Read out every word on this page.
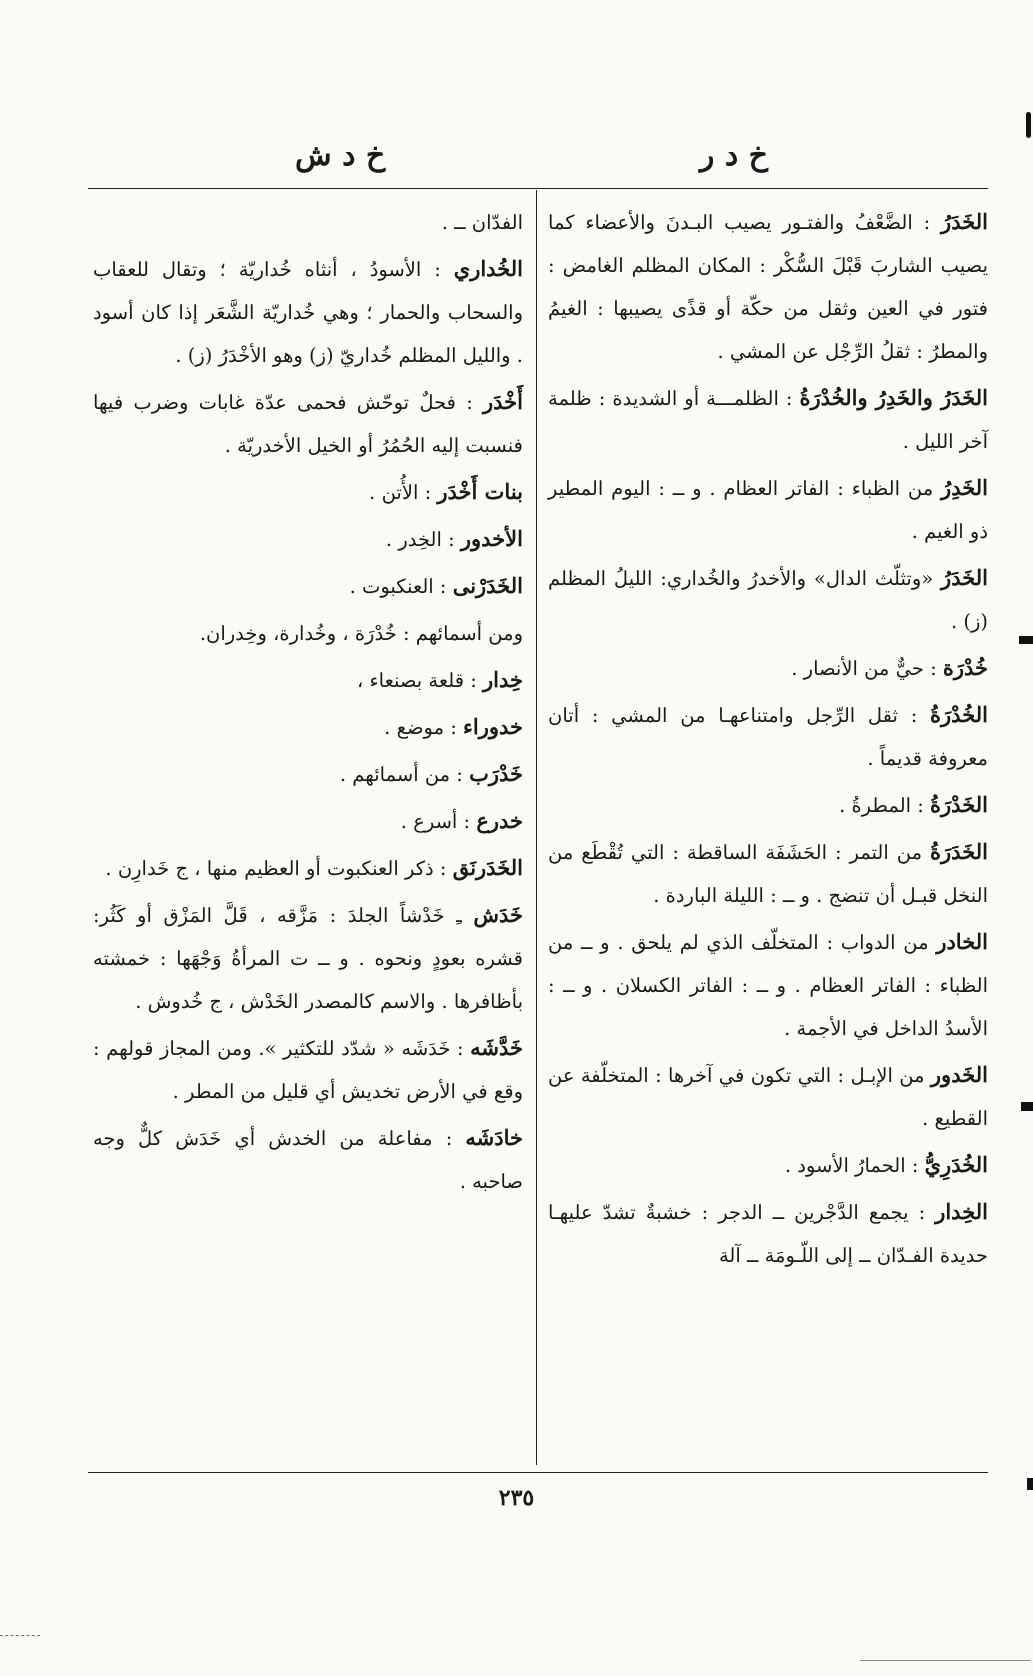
خ د ر
خ د ش
الخَدَرُ : الضَّعْفُ والفتـور يصيب البـدنَ والأعضاء كما يصيب الشاربَ قَبْلَ السُّكْر : المكان المظلم الغامض : فتور في العين وثقل من حكّة أو قذًى يصيبها : الغيمُ والمطرُ : ثقلُ الرِّجْل عن المشي .
الخَدَرُ والخَدِرُ والخُدْرَةُ : الظلمـــة أو الشديدة : ظلمة آخر الليل .
الخَدِرُ من الظباء : الفاتر العظام . و ــ : اليوم المطير ذو الغيم .
الخَدَرُ «وتثلّث الدال» والأخدرُ والخُداري: الليلُ المظلم (ز) .
خُدْرَة : حيٌّ من الأنصار .
الخُدْرَةُ : ثقل الرِّجل وامتناعهـا من المشي : أتان معروفة قديماً .
الخَدْرَةُ : المطرةُ .
الخَدَرَةُ من التمر : الحَشَفَة الساقطة : التي تُقْطَع من النخل قبـل أن تنضج . و ــ : الليلة الباردة .
الخادر من الدواب : المتخلّف الذي لم يلحق . و ــ من الظباء : الفاتر العظام . و ــ : الفاتر الكسلان . و ــ : الأسدُ الداخل في الأجمة .
الخَدور من الإبـل : التي تكون في آخرها : المتخلّفة عن القطيع .
الخُدَرِيُّ : الحمارُ الأسود .
الخِدار : يجمع الدَّجْرين ــ الدجر : خشبةٌ تشدّ عليهـا حديدة الفـدّان ــ إلى اللّـومَة ــ آلة
الفدّان ــ .
الخُداري : الأسودُ ، أنثاه خُداريّة ؛ وتقال للعقاب والسحاب والحمار ؛ وهي خُداريّة الشَّعَر إذا كان أسود . والليل المظلم خُداريّ (ز) وهو الأخْدَرُ (ز) .
أَخْدَر : فحلٌ توحّش فحمى عدّة غابات وضرب فيها فنسبت إليه الحُمُرُ أو الخيل الأخدريّة .
بنات أَخْدَر : الأُتن .
الأخدور : الخِدر .
الخَدَرْنى : العنكبوت .
ومن أسمائهم : خُدْرَة ، وخُدارة، وخِدران.
خِدار : قلعة بصنعاء ،
خدوراء : موضع .
خَدْرَب : من أسمائهم .
خدرع : أسرع .
الخَدَرنَق : ذكر العنكبوت أو العظيم منها ، ج خَدارِن .
خَدَش ـِ خَدْشاً الجلدَ : مَزَّقه ، قَلَّ المَزْق أو كَثُر: قشره بعودٍ ونحوه . و ــ ت المرأةُ وَجْهَها : خمشته بأظافرها . والاسم كالمصدر الخَدْش ، ج خُدوش .
خَدَّشَه : خَدَشَه « شدّد للتكثير ». ومن المجاز قولهم : وقع في الأرض تخديش أي قليل من المطر .
خادَشَه : مفاعلة من الخدش أي خَدَش كلٌّ وجه صاحبه .
٢٣٥
